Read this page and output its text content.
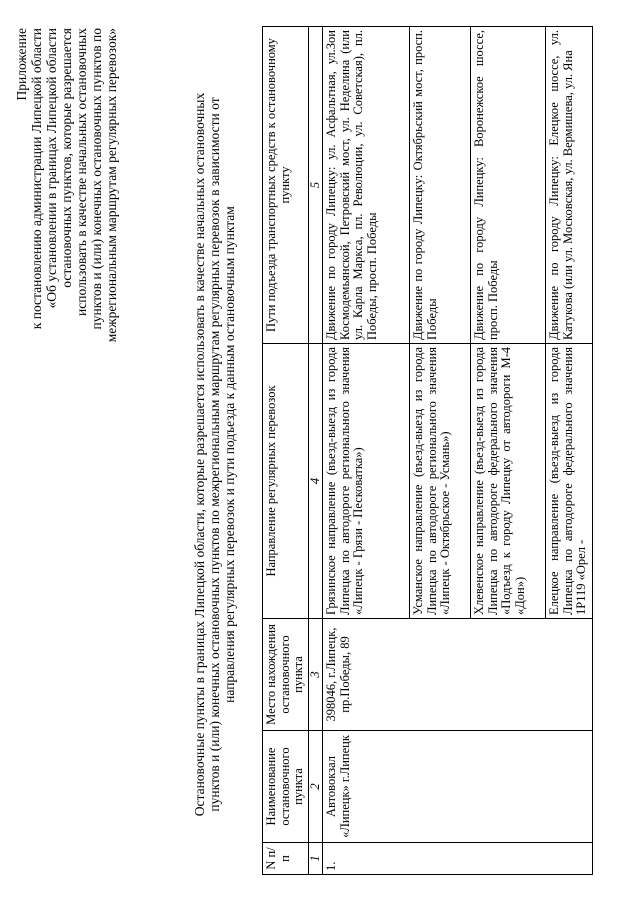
Приложение к постановлению администрации Липецкой области «Об установлении в границах Липецкой области остановочных пунктов, которые разрешается использовать в качестве начальных остановочных пунктов и (или) конечных остановочных пунктов по межрегиональным маршрутам регулярных перевозок»	Остановочные пункты в границах Липецкой области, которые разрешается использовать в качестве начальных остановочных пунктов и (или) конечных остановочных пунктов по межрегиональным маршрутам регулярных перевозок в зависимости от направления регулярных перевозок и пути подъезда к данным остановочным пунктам
N п/п	Наименование остановочного пункта	Место нахождения остановочного пункта	Направление регулярных перевозок	Пути подъезда транспортных средств к остановочному пункту
1	2	3	4	5
1.	Автовокзал «Липецк» г.Липецк	398046, г.Липецк, пр.Победы, 89	Грязинское направление (въезд-выезд из города Липецка по автодороге регионального значения «Липецк - Грязи - Песковатка»)	Движение по городу Липецку: ул. Асфальтная, ул.Зои Космодемьянской, Петровский мост, ул. Неделина (или ул. Карла Маркса, пл. Революции, ул. Советская), пл. Победы, просп. Победы
			Усманское направление (въезд-выезд из города Липецка по автодороге регионального значения «Липецк - Октябрьское - Усмань»)	Движение по городу Липецку: Октябрьский мост, просп. Победы
			Хлевенское направление (въезд-выезд из города Липецка по автодороге федерального значения «Подъезд к городу Липецку от автодороги М-4 «Дон»)	Движение по городу Липецку: Воронежское шоссе, просп. Победы
			Елецкое направление (въезд-выезд из города Липецка по автодороге федерального значения 1Р119 «Орел -	Движение по городу Липецку: Елецкое шоссе, ул. Катукова (или ул. Московская, ул. Вермишева, ул. Яна
